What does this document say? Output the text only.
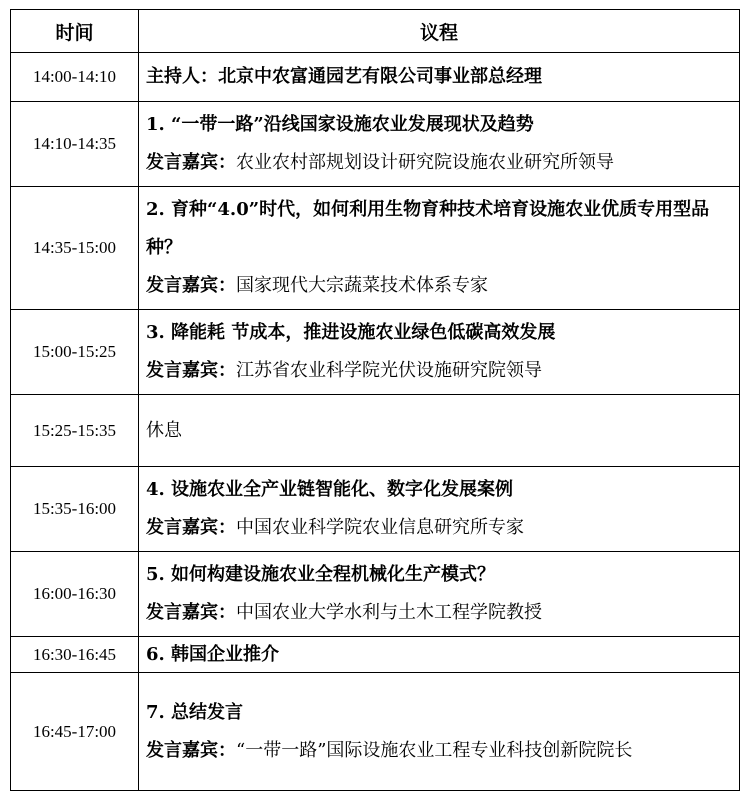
时间	议程
14:00-14:10	主持人：北京中农富通园艺有限公司事业部总经理

14:10-14:35	1. “一带一路”沿线国家设施农业发展现状及趋势
发言嘉宾：农业农村部规划设计研究院设施农业研究所领导

14:35-15:00	2. 育种“4.0”时代，如何利用生物育种技术培育设施农业优质专用型品种？
发言嘉宾：国家现代大宗蔬菜技术体系专家

15:00-15:25	3. 降能耗 节成本，推进设施农业绿色低碳高效发展
发言嘉宾：江苏省农业科学院光伏设施研究院领导

15:25-15:35	休息

15:35-16:00	4. 设施农业全产业链智能化、数字化发展案例
发言嘉宾：中国农业科学院农业信息研究所专家

16:00-16:30	5. 如何构建设施农业全程机械化生产模式？
发言嘉宾：中国农业大学水利与土木工程学院教授

16:30-16:45	6. 韩国企业推介

16:45-17:00	7. 总结发言
发言嘉宾：“一带一路”国际设施农业工程专业科技创新院院长
